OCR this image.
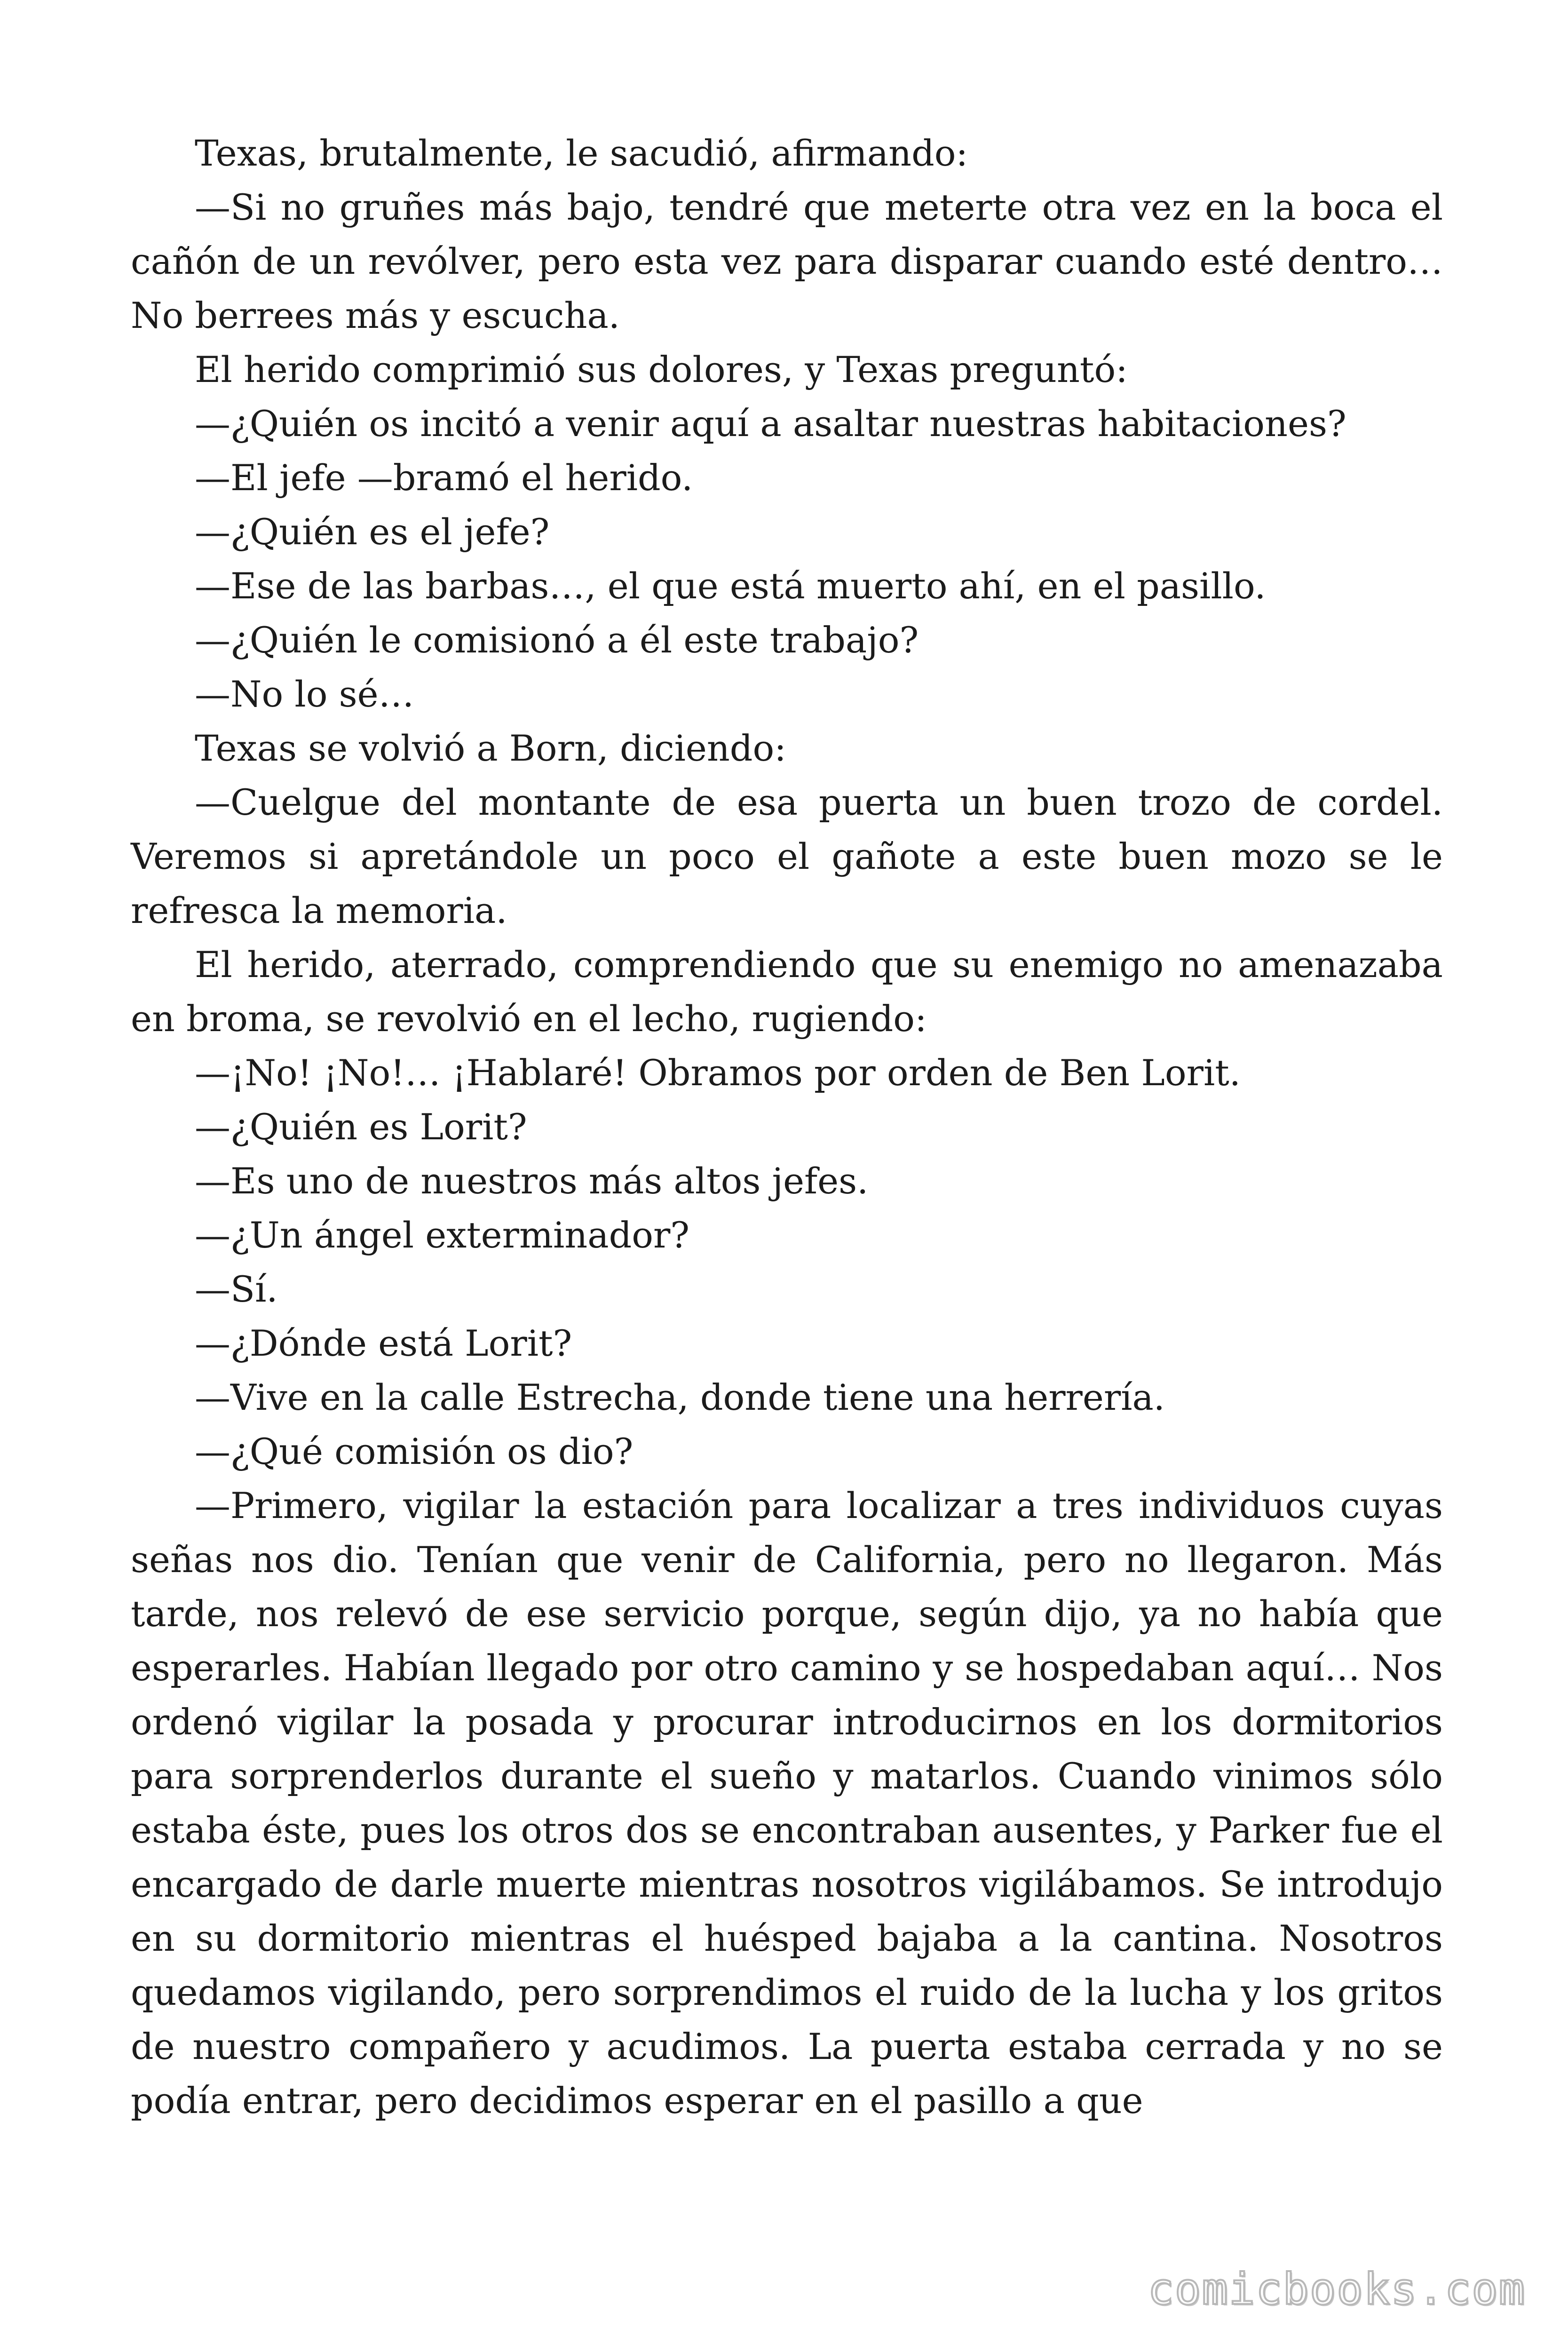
Texas, brutalmente, le sacudió, afirmando:

—Si no gruñes más bajo, tendré que meterte otra vez en la boca el cañón de un revólver, pero esta vez para disparar cuando esté dentro… No berrees más y escucha.

El herido comprimió sus dolores, y Texas preguntó:

—¿Quién os incitó a venir aquí a asaltar nuestras habitaciones?

—El jefe —bramó el herido.

—¿Quién es el jefe?

—Ese de las barbas…, el que está muerto ahí, en el pasillo.

—¿Quién le comisionó a él este trabajo?

—No lo sé…

Texas se volvió a Born, diciendo:

—Cuelgue del montante de esa puerta un buen trozo de cordel. Veremos si apretándole un poco el gañote a este buen mozo se le refresca la memoria.

El herido, aterrado, comprendiendo que su enemigo no amenazaba en broma, se revolvió en el lecho, rugiendo:

—¡No! ¡No!… ¡Hablaré! Obramos por orden de Ben Lorit.

—¿Quién es Lorit?

—Es uno de nuestros más altos jefes.

—¿Un ángel exterminador?

—Sí.

—¿Dónde está Lorit?

—Vive en la calle Estrecha, donde tiene una herrería.

—¿Qué comisión os dio?

—Primero, vigilar la estación para localizar a tres individuos cuyas señas nos dio. Tenían que venir de California, pero no llegaron. Más tarde, nos relevó de ese servicio porque, según dijo, ya no había que esperarles. Habían llegado por otro camino y se hospedaban aquí… Nos ordenó vigilar la posada y procurar introducirnos en los dormitorios para sorprenderlos durante el sueño y matarlos. Cuando vinimos sólo estaba éste, pues los otros dos se encontraban ausentes, y Parker fue el encargado de darle muerte mientras nosotros vigilábamos. Se introdujo en su dormitorio mientras el huésped bajaba a la cantina. Nosotros quedamos vigilando, pero sorprendimos el ruido de la lucha y los gritos de nuestro compañero y acudimos. La puerta estaba cerrada y no se podía entrar, pero decidimos esperar en el pasillo a que

comicbooks.com
